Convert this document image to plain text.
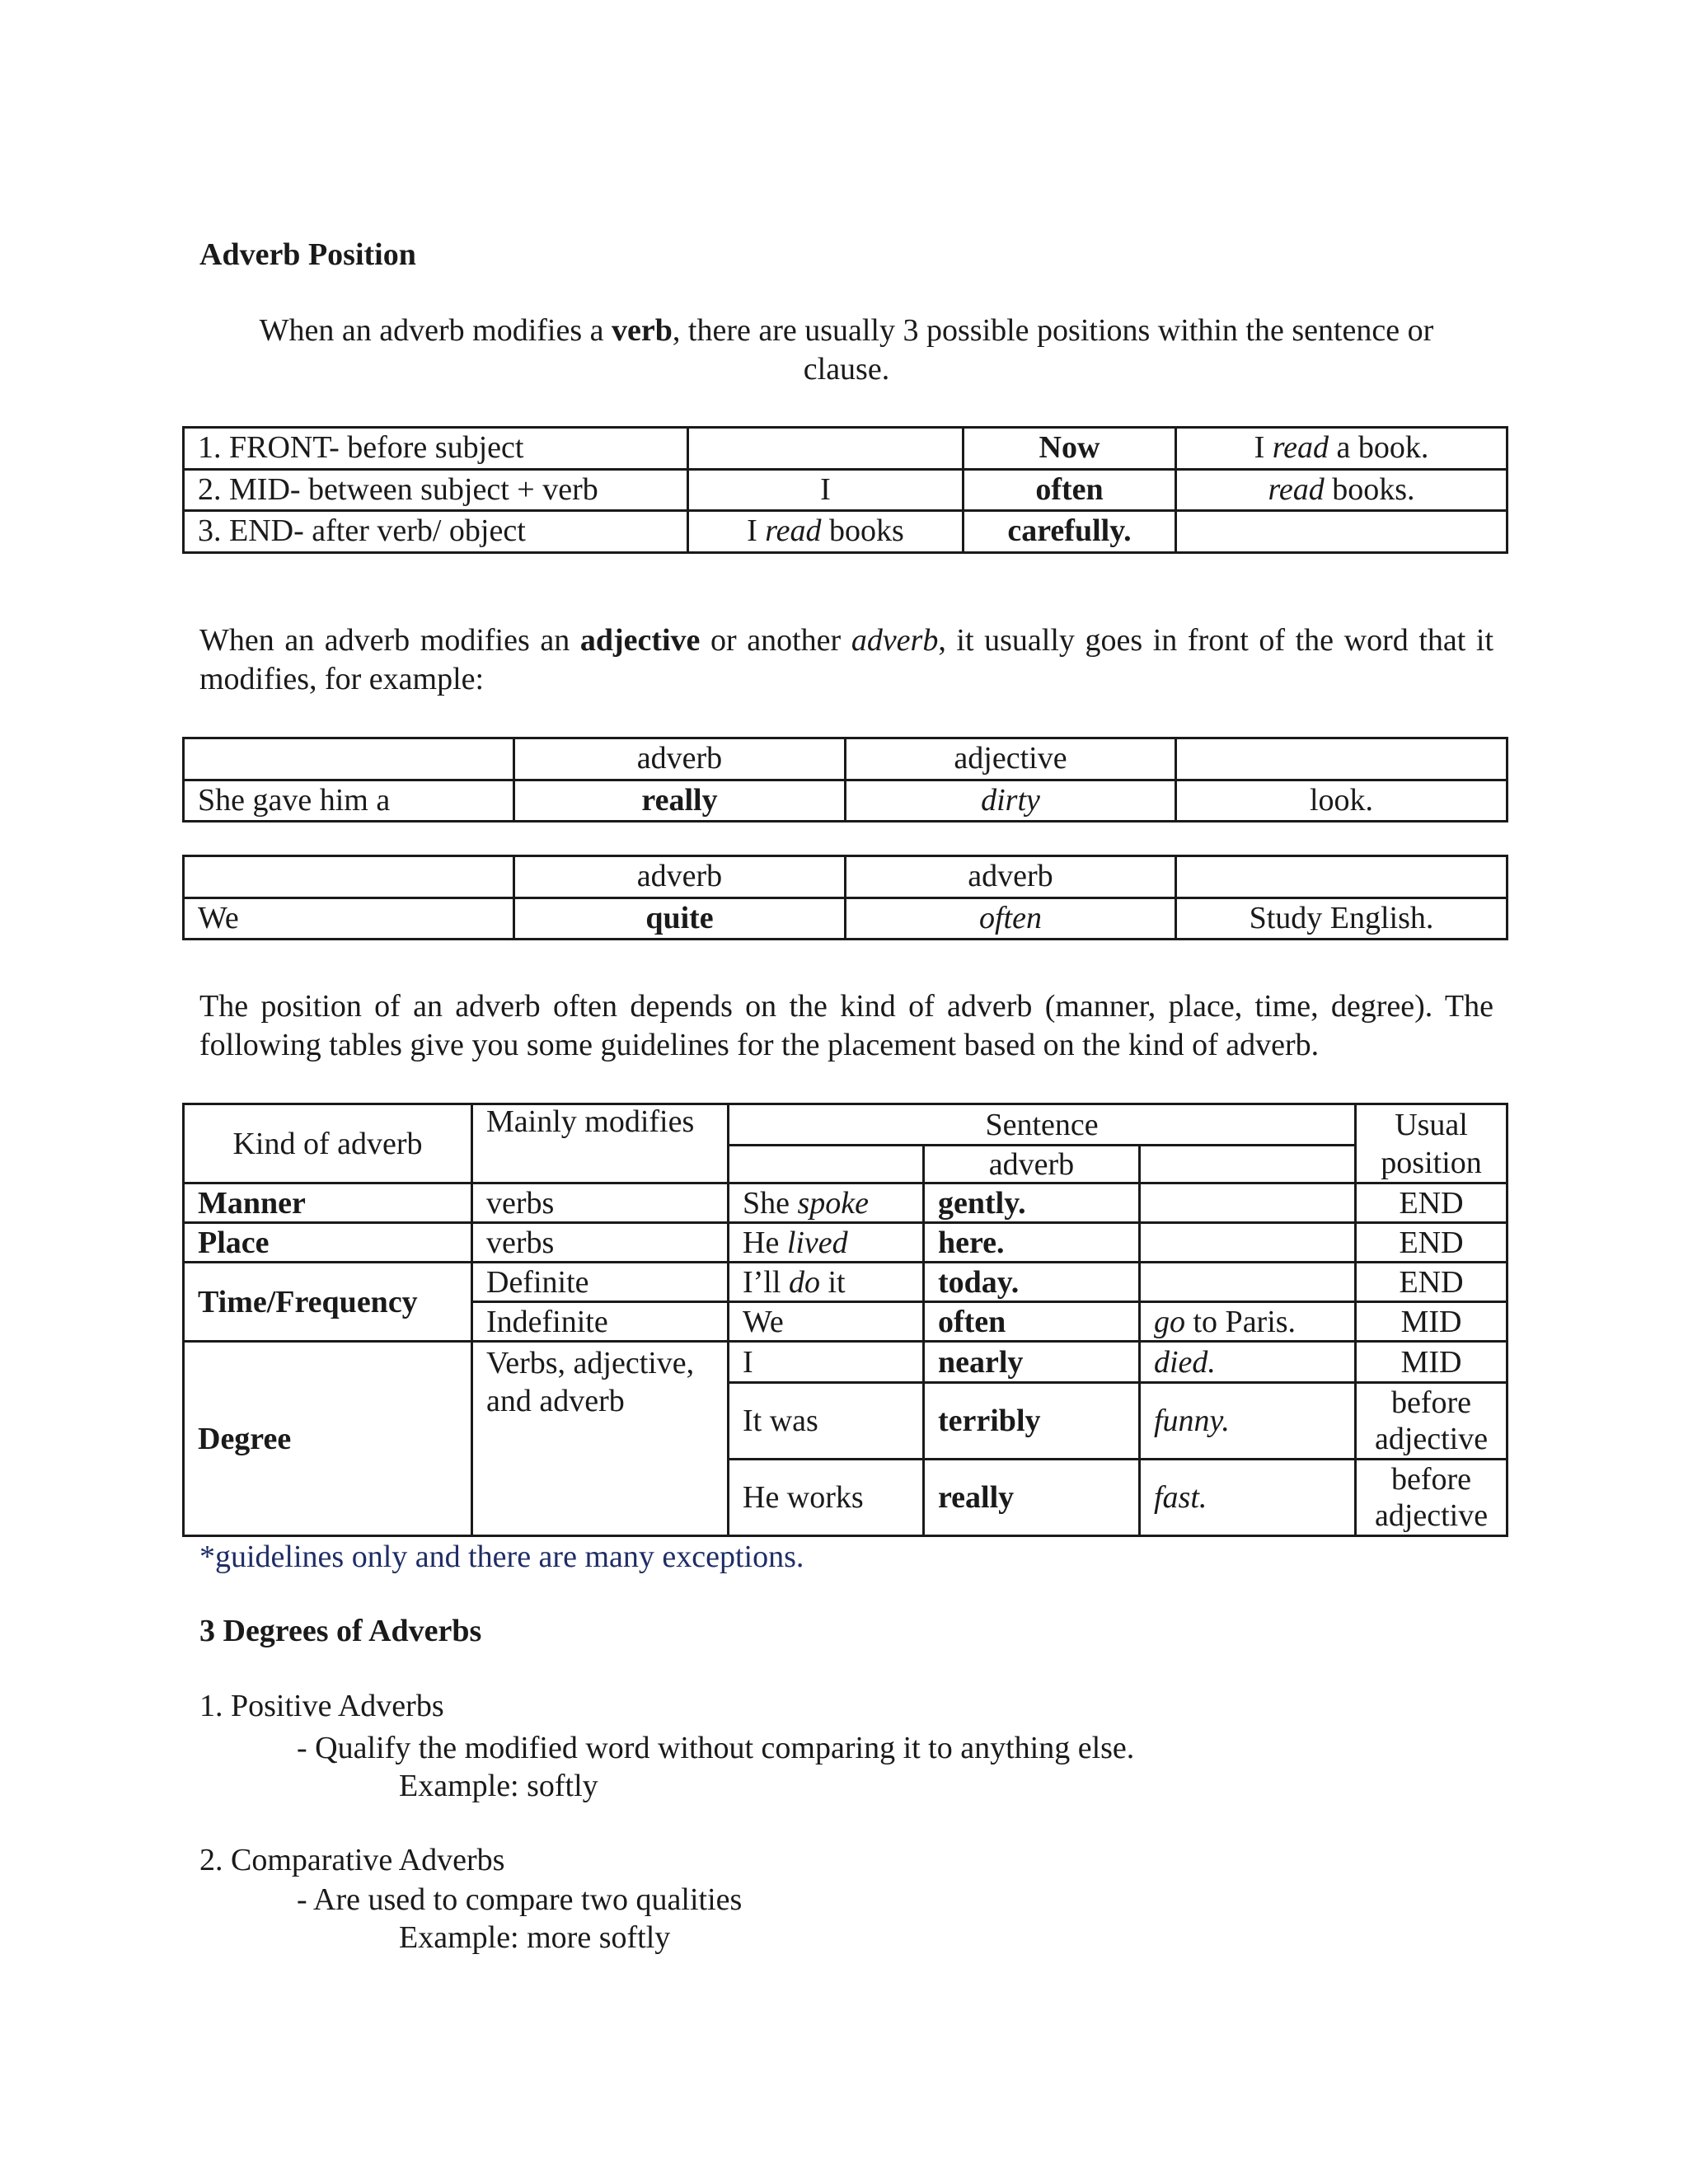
Adverb Position

When an adverb modifies a verb, there are usually 3 possible positions within the sentence or clause.

1. FRONT- before subject		Now	I read a book.
2. MID- between subject + verb	I	often	read books.
3. END- after verb/ object	I read books	carefully.	

When an adverb modifies an adjective or another adverb, it usually goes in front of the word that it modifies, for example:

	adverb	adjective	
She gave him a	really	dirty	look.
	adverb	adverb	
We	quite	often	Study English.

The position of an adverb often depends on the kind of adverb (manner, place, time, degree). The following tables give you some guidelines for the placement based on the kind of adverb.

Kind of adverb	Mainly modifies	Sentence			Usual position
			adverb		
Manner	verbs	She spoke	gently.		END
Place	verbs	He lived	here.		END
Time/Frequency	Definite	I’ll do it	today.		END
	Indefinite	We	often	go to Paris.	MID
Degree	Verbs, adjective, and adverb	I	nearly	died.	MID
		It was	terribly	funny.	before adjective
		He works	really	fast.	before adjective

*guidelines only and there are many exceptions.

3 Degrees of Adverbs

1. Positive Adverbs

- Qualify the modified word without comparing it to anything else.

Example: softly

2. Comparative Adverbs

- Are used to compare two qualities

Example: more softly
